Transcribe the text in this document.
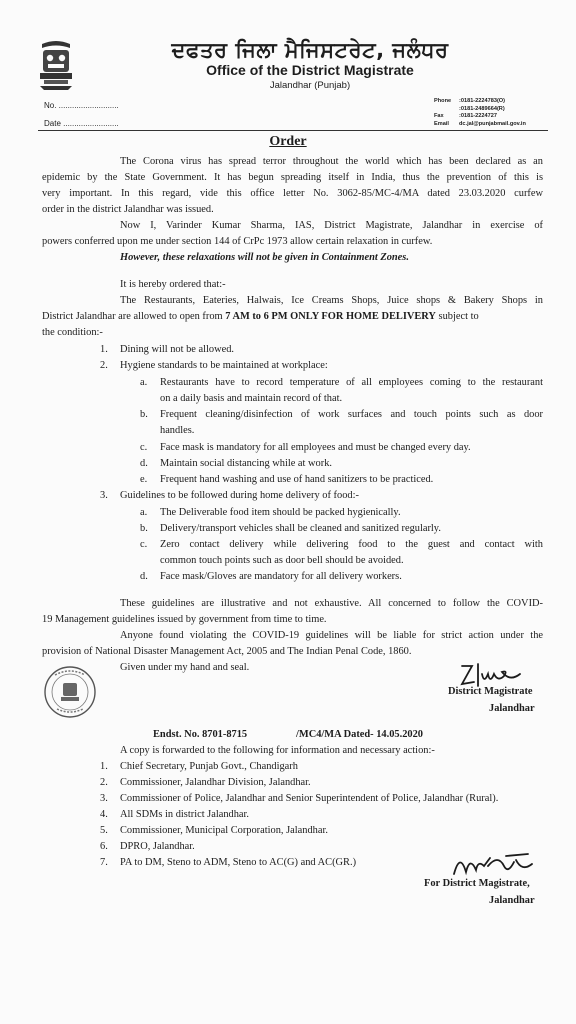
ਦਫਤਰ ਜਿਲਾ ਮੈਜਿਸਟਰੇਟ, ਜਲੰਧਰ
Office of the District Magistrate
Jalandhar (Punjab)
No. ...........................
Date .........................
Phone :0181-2224783(O)
:0181-2489664(R)
Fax	:0181-2224727
Email dc.jal@punjabmail.gov.in
Order
The Corona virus has spread terror throughout the world which has been declared as an
epidemic by the State Government. It has begun spreading itself in India, thus the prevention of this is
very important. In this regard, vide this office letter No. 3062-85/MC-4/MA dated 23.03.2020 curfew
order in the district Jalandhar was issued.
Now I, Varinder Kumar Sharma, IAS, District Magistrate, Jalandhar in exercise of
powers conferred upon me under section 144 of CrPc 1973 allow certain relaxation in curfew.
However, these relaxations will not be given in Containment Zones.
It is hereby ordered that:-
The Restaurants, Eateries, Halwais, Ice Creams Shops, Juice shops & Bakery Shops in
District Jalandhar are allowed to open from 7 AM to 6 PM ONLY FOR HOME DELIVERY subject to
the condition:-
1. Dining will not be allowed.
2. Hygiene standards to be maintained at workplace:
a. Restaurants have to record temperature of all employees coming to the restaurant
on a daily basis and maintain record of that.
b. Frequent cleaning/disinfection of work surfaces and touch points such as door
handles.
c. Face mask is mandatory for all employees and must be changed every day.
d. Maintain social distancing while at work.
e. Frequent hand washing and use of hand sanitizers to be practiced.
3. Guidelines to be followed during home delivery of food:-
a. The Deliverable food item should be packed hygienically.
b. Delivery/transport vehicles shall be cleaned and sanitized regularly.
c. Zero contact delivery while delivering food to the guest and contact with
common touch points such as door bell should be avoided.
d. Face mask/Gloves are mandatory for all delivery workers.
These guidelines are illustrative and not exhaustive. All concerned to follow the COVID-
19 Management guidelines issued by government from time to time.
Anyone found violating the COVID-19 guidelines will be liable for strict action under the
provision of National Disaster Management Act, 2005 and The Indian Penal Code, 1860.
Given under my hand and seal.
District Magistrate
Jalandhar
Endst. No. 8701-8715	/MC4/MA Dated- 14.05.2020
A copy is forwarded to the following for information and necessary action:-
1. Chief Secretary, Punjab Govt., Chandigarh
2. Commissioner, Jalandhar Division, Jalandhar.
3. Commissioner of Police, Jalandhar and Senior Superintendent of Police, Jalandhar (Rural).
4. All SDMs in district Jalandhar.
5. Commissioner, Municipal Corporation, Jalandhar.
6. DPRO, Jalandhar.
7. PA to DM, Steno to ADM, Steno to AC(G) and AC(GR.)
For District Magistrate,
Jalandhar
